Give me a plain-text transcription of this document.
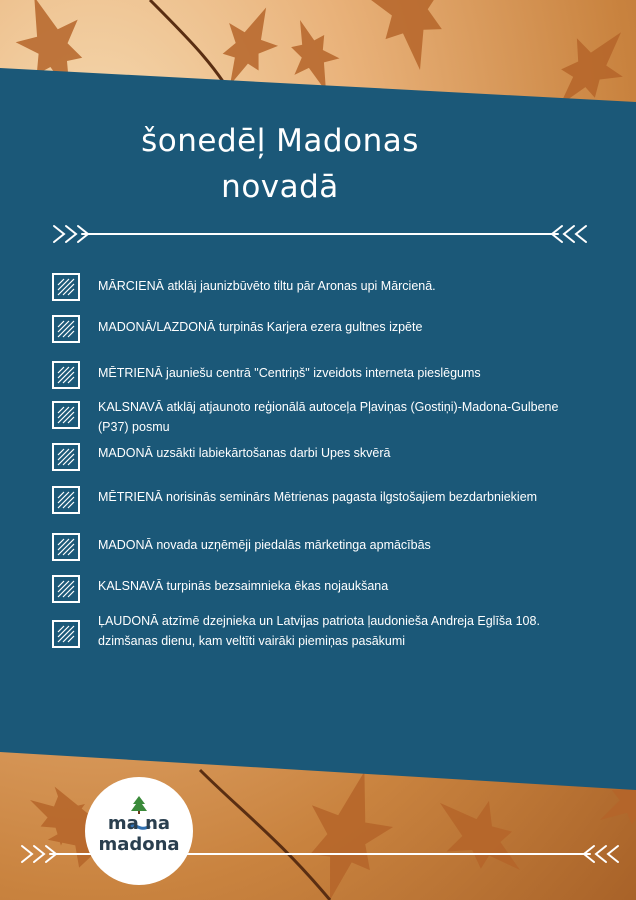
šonedēļ Madonas
novadā
MĀRCIENĀ atklāj jaunizbūvēto tiltu pār Aronas upi Mārcienā.
MADONĀ/LAZDONĀ turpinās Karjera ezera gultnes izpēte
MĒTRIENĀ jauniešu centrā "Centriņš" izveidots interneta pieslēgums
KALSNAVĀ atklāj atjaunoto reģionālā autoceļa Pļaviņas (Gostiņi)-Madona-Gulbene (P37) posmu
MADONĀ uzsākti labiekārtošanas darbi Upes skvērā
MĒTRIENĀ norisinās seminārs Mētrienas pagasta ilgstošajiem bezdarbniekiem
MADONĀ novada uzņēmēji piedalās mārketinga apmācībās
KALSNAVĀ turpinās bezsaimnieka ēkas nojaukšana
ĻAUDONĀ atzīmē dzejnieka un Latvijas patriota ļaudonieša Andreja Eglīša 108. dzimšanas dienu, kam veltīti vairāki piemiņas pasākumi
ma na
madona
